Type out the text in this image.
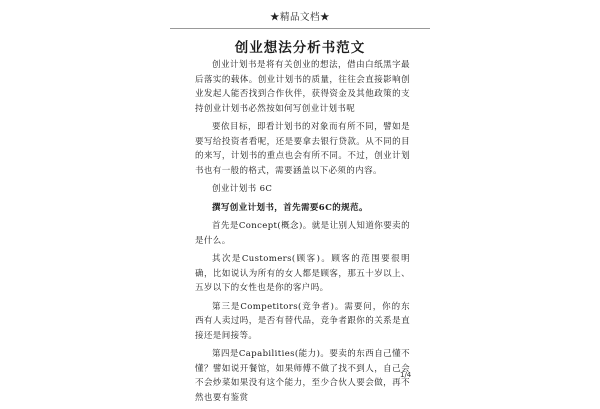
★精品文档★
创业想法分析书范文

创业计划书是将有关创业的想法，借由白纸黑字最后落实的载体。创业计划书的质量，往往会直接影响创业发起人能否找到合作伙伴，获得资金及其他政策的支持创业计划书必然按如何写创业计划书呢

要依目标，即看计划书的对象而有所不同，譬如是要写给投资者看呢，还是要拿去银行贷款。从不同的目的来写，计划书的重点也会有所不同。不过，创业计划书也有一般的格式，需要涵盖以下必须的内容。

创业计划书 6C

撰写创业计划书，首先需要6C的规范。

首先是Concept(概念)。就是让别人知道你要卖的是什么。

其次是Customers(顾客)。顾客的范围要很明确，比如说认为所有的女人都是顾客，那五十岁以上、五岁以下的女性也是你的客户吗。

第三是Competitors(竞争者)。需要问，你的东西有人卖过吗，是否有替代品，竞争者跟你的关系是直接还是间接等。

第四是Capabilities(能力)。要卖的东西自己懂不懂？譬如说开餐馆，如果师傅不做了找不到人，自己会不会炒菜如果没有这个能力，至少合伙人要会做，再不然也要有鉴赏

1/4
